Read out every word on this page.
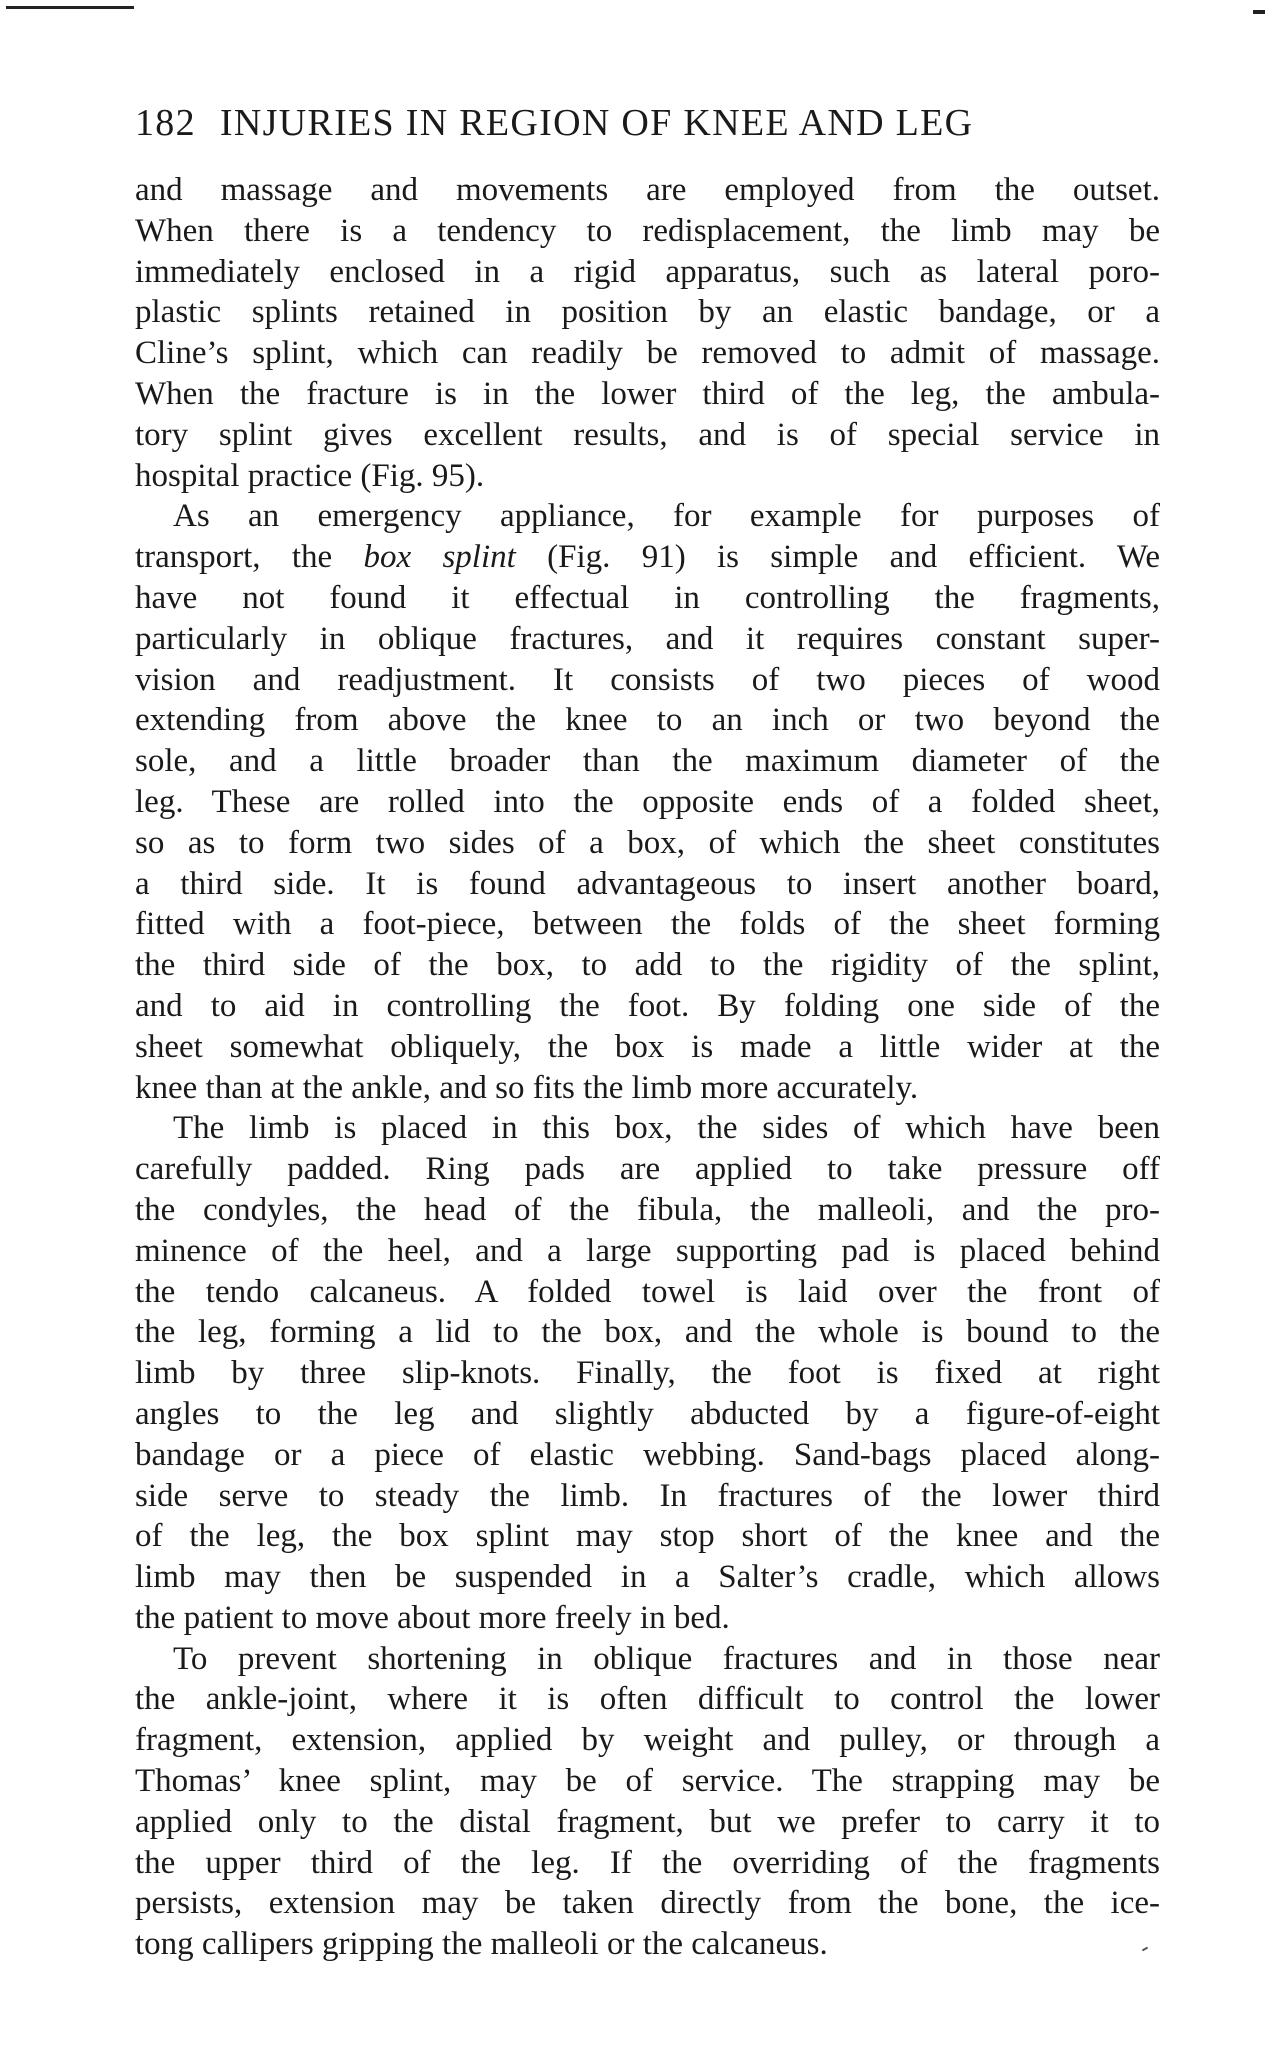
182 INJURIES IN REGION OF KNEE AND LEG
and massage and movements are employed from the outset.
When there is a tendency to redisplacement, the limb may be
immediately enclosed in a rigid apparatus, such as lateral poro-
plastic splints retained in position by an elastic bandage, or a
Cline’s splint, which can readily be removed to admit of massage.
When the fracture is in the lower third of the leg, the ambula-
tory splint gives excellent results, and is of special service in
hospital practice (Fig. 95).
As an emergency appliance, for example for purposes of
transport, the box splint (Fig. 91) is simple and efficient. We
have not found it effectual in controlling the fragments,
particularly in oblique fractures, and it requires constant super-
vision and readjustment. It consists of two pieces of wood
extending from above the knee to an inch or two beyond the
sole, and a little broader than the maximum diameter of the
leg. These are rolled into the opposite ends of a folded sheet,
so as to form two sides of a box, of which the sheet constitutes
a third side. It is found advantageous to insert another board,
fitted with a foot-piece, between the folds of the sheet forming
the third side of the box, to add to the rigidity of the splint,
and to aid in controlling the foot. By folding one side of the
sheet somewhat obliquely, the box is made a little wider at the
knee than at the ankle, and so fits the limb more accurately.
The limb is placed in this box, the sides of which have been
carefully padded. Ring pads are applied to take pressure off
the condyles, the head of the fibula, the malleoli, and the pro-
minence of the heel, and a large supporting pad is placed behind
the tendo calcaneus. A folded towel is laid over the front of
the leg, forming a lid to the box, and the whole is bound to the
limb by three slip-knots. Finally, the foot is fixed at right
angles to the leg and slightly abducted by a figure-of-eight
bandage or a piece of elastic webbing. Sand-bags placed along-
side serve to steady the limb. In fractures of the lower third
of the leg, the box splint may stop short of the knee and the
limb may then be suspended in a Salter’s cradle, which allows
the patient to move about more freely in bed.
To prevent shortening in oblique fractures and in those near
the ankle-joint, where it is often difficult to control the lower
fragment, extension, applied by weight and pulley, or through a
Thomas’ knee splint, may be of service. The strapping may be
applied only to the distal fragment, but we prefer to carry it to
the upper third of the leg. If the overriding of the fragments
persists, extension may be taken directly from the bone, the ice-
tong callipers gripping the malleoli or the calcaneus.
